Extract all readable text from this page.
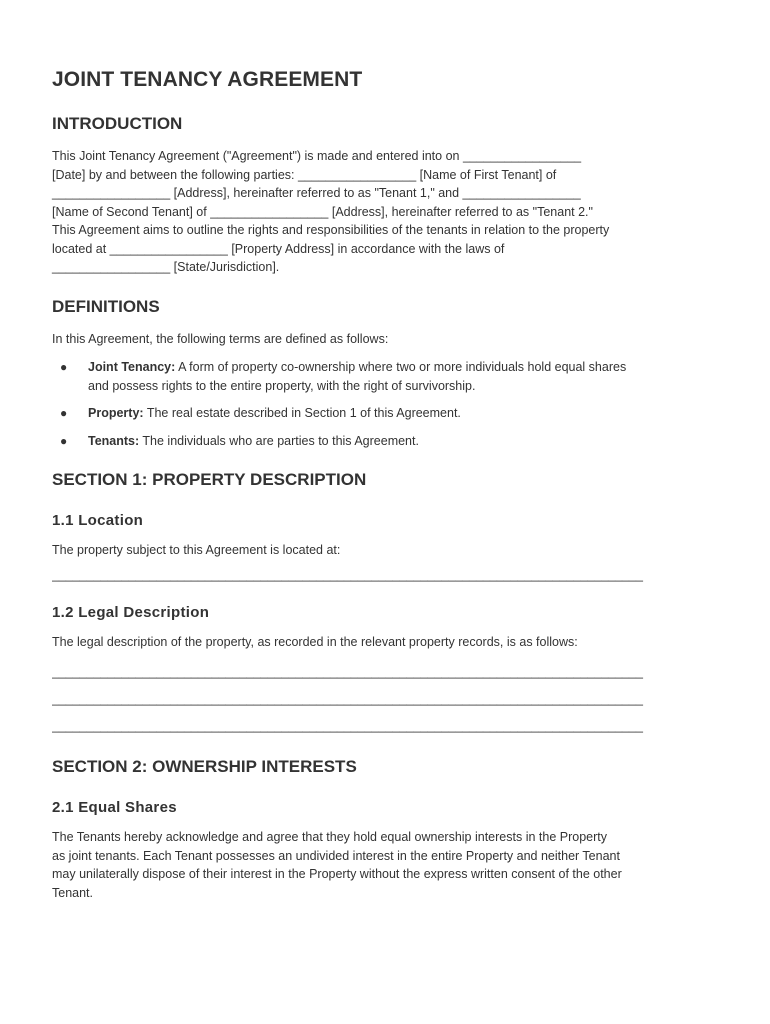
JOINT TENANCY AGREEMENT
INTRODUCTION

This Joint Tenancy Agreement ("Agreement") is made and entered into on _________________
[Date] by and between the following parties: _________________ [Name of First Tenant] of
_________________ [Address], hereinafter referred to as "Tenant 1," and _________________
[Name of Second Tenant] of _________________ [Address], hereinafter referred to as "Tenant 2."
This Agreement aims to outline the rights and responsibilities of the tenants in relation to the property
located at _________________ [Property Address] in accordance with the laws of
_________________ [State/Jurisdiction].

DEFINITIONS

In this Agreement, the following terms are defined as follows:

● Joint Tenancy: A form of property co-ownership where two or more individuals hold equal shares
and possess rights to the entire property, with the right of survivorship.
● Property: The real estate described in Section 1 of this Agreement.
● Tenants: The individuals who are parties to this Agreement.
SECTION 1: PROPERTY DESCRIPTION
1.1 Location

The property subject to this Agreement is located at:

_____________________________________________________________________________________
1.2 Legal Description

The legal description of the property, as recorded in the relevant property records, is as follows:

_____________________________________________________________________________________
_____________________________________________________________________________________
_____________________________________________________________________________________
SECTION 2: OWNERSHIP INTERESTS
2.1 Equal Shares

The Tenants hereby acknowledge and agree that they hold equal ownership interests in the Property
as joint tenants. Each Tenant possesses an undivided interest in the entire Property and neither Tenant
may unilaterally dispose of their interest in the Property without the express written consent of the other
Tenant.
